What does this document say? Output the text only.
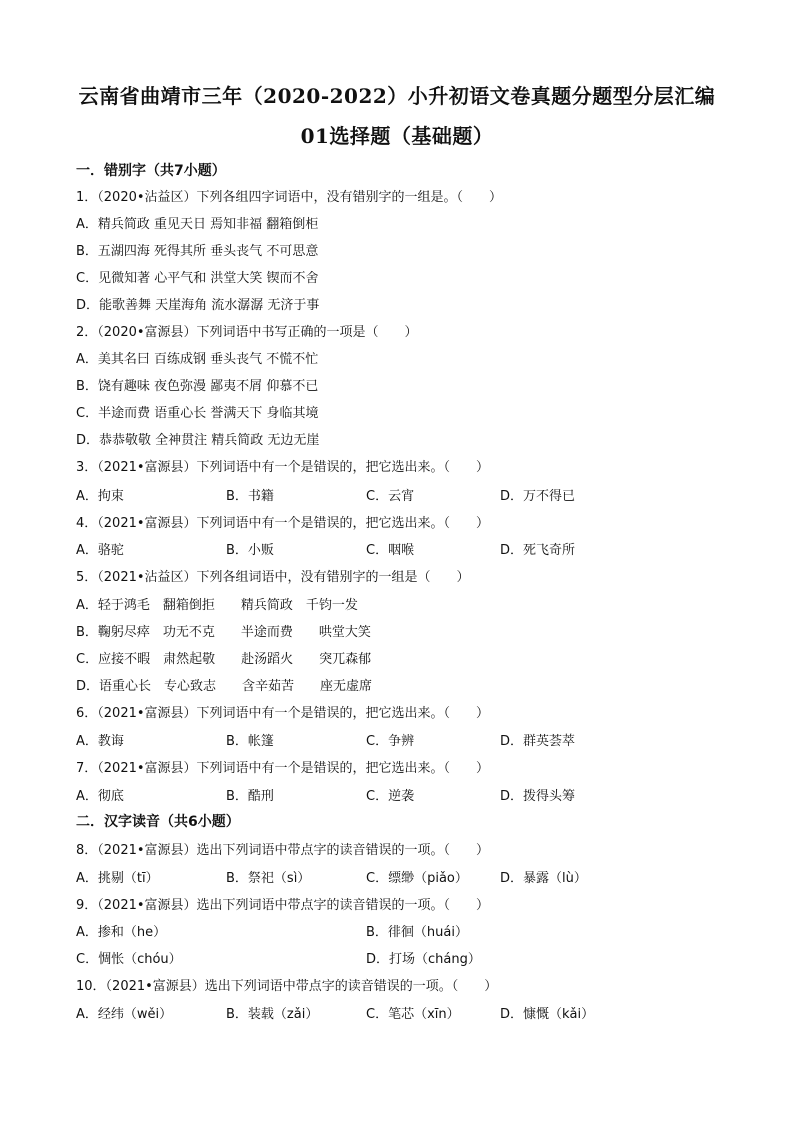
云南省曲靖市三年（2020-2022）小升初语文卷真题分题型分层汇编
01选择题（基础题）
一．错别字（共7小题）
1．（2020•沾益区）下列各组四字词语中，没有错别字的一组是。（　　）
A．精兵简政 重见天日 焉知非福 翻箱倒柜
B．五湖四海 死得其所 垂头丧气 不可思意
C．见微知著 心平气和 洪堂大笑 锲而不舍
D．能歌善舞 天崖海角 流水潺潺 无济于事
2．（2020•富源县）下列词语中书写正确的一项是（　　）
A．美其名曰 百练成钢 垂头丧气 不慌不忙
B．饶有趣味 夜色弥漫 鄙夷不屑 仰慕不已
C．半途而费 语重心长 誉满天下 身临其境
D．恭恭敬敬 全神贯注 精兵简政 无边无崖
3．（2021•富源县）下列词语中有一个是错误的，把它选出来。（　　）
A．拘束	B．书籍	C．云宵	D．万不得已
4．（2021•富源县）下列词语中有一个是错误的，把它选出来。（　　）
A．骆驼	B．小贩	C．咽喉	D．死飞奇所
5．（2021•沾益区）下列各组词语中，没有错别字的一组是（　　）
A．轻于鸿毛　翻箱倒拒　　精兵简政　千钧一发
B．鞠躬尽瘁　功无不克　　半途而费　　哄堂大笑
C．应接不暇　肃然起敬　　赴汤蹈火　　突兀森郁
D．语重心长　专心致志　　含辛茹苦　　座无虚席
6．（2021•富源县）下列词语中有一个是错误的，把它选出来。（　　）
A．教诲	B．帐篷	C．争辨	D．群英荟萃
7．（2021•富源县）下列词语中有一个是错误的，把它选出来。（　　）
A．彻底	B．酷刑	C．逆袭	D．拨得头筹
二．汉字读音（共6小题）
8．（2021•富源县）选出下列词语中带点字的读音错误的一项。（　　）
A．挑剔（tī）	B．祭祀（sì）	C．缥缈（piǎo） D．暴露（lù）
9．（2021•富源县）选出下列词语中带点字的读音错误的一项。（　　）
A．掺和（he）	B．徘徊（huái）
C．惆怅（chóu）	D．打场（cháng）
10．（2021•富源县）选出下列词语中带点字的读音错误的一项。（　　）
A．经纬（wěi）	B．装载（zǎi）	C．笔芯（xīn）	D．慷慨（kǎi）
